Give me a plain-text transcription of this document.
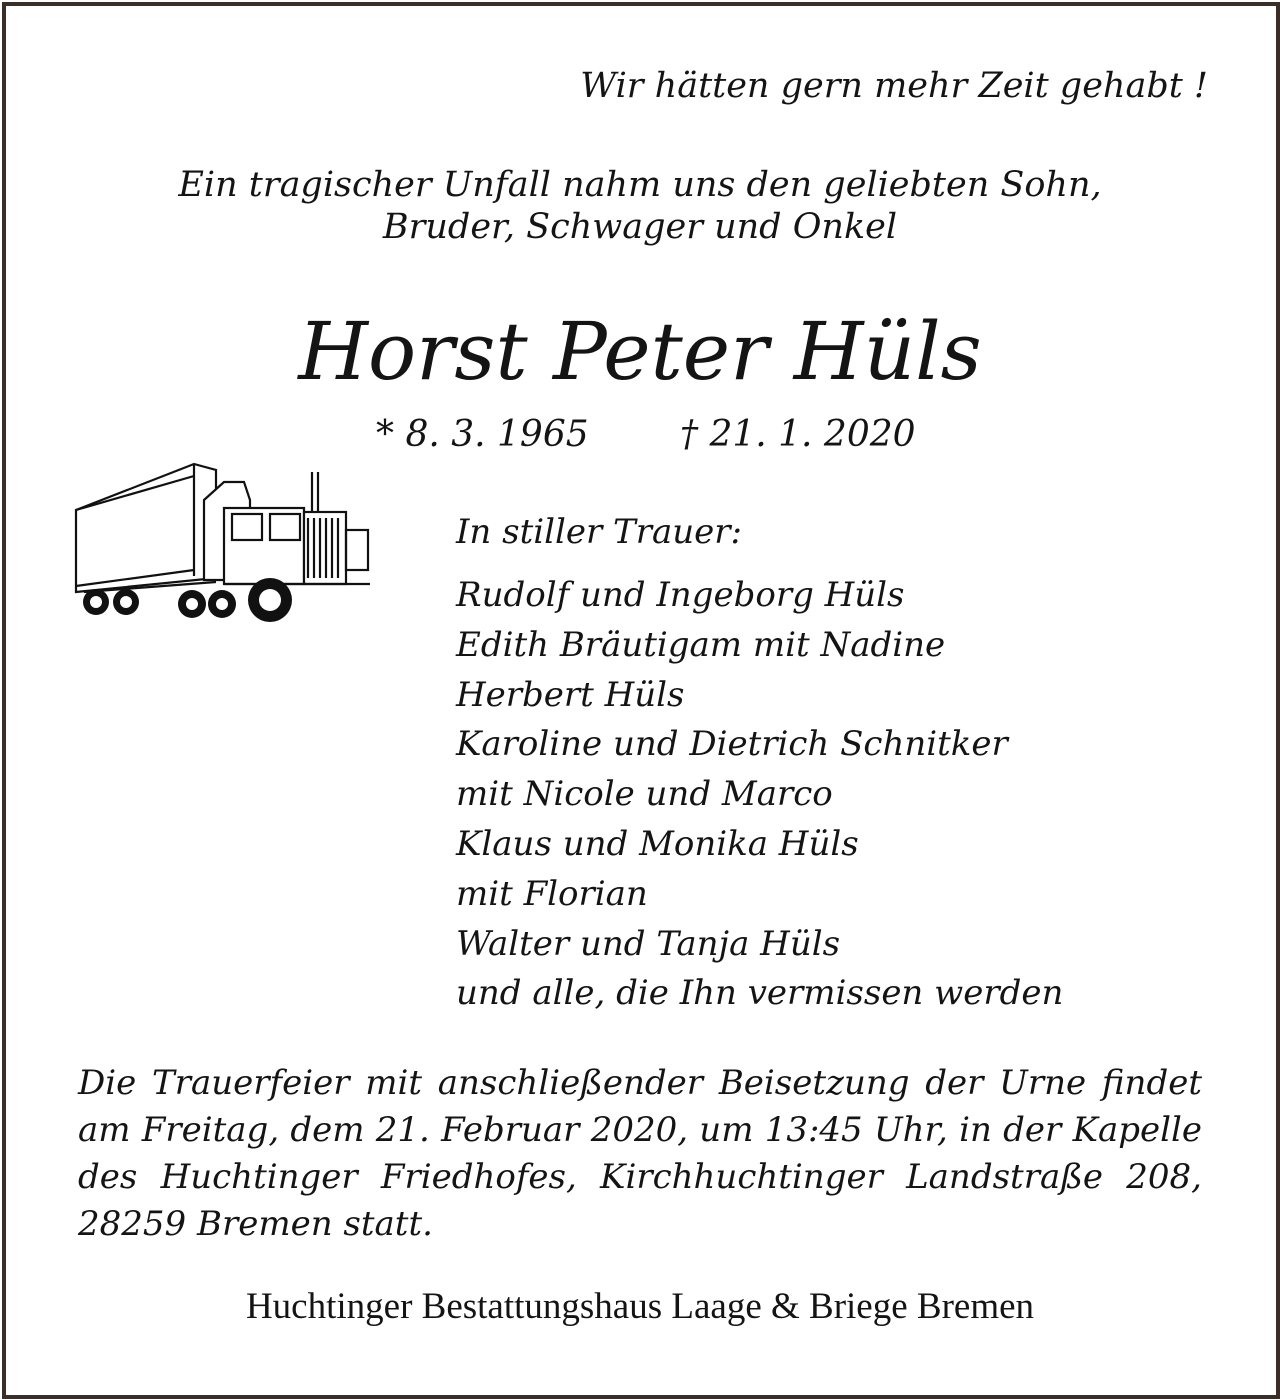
Wir hätten gern mehr Zeit gehabt !
Ein tragischer Unfall nahm uns den geliebten Sohn,
Bruder, Schwager und Onkel
Horst Peter Hüls
* 8. 3. 1965	† 21. 1. 2020
In stiller Trauer:
Rudolf und Ingeborg Hüls
Edith Bräutigam mit Nadine
Herbert Hüls
Karoline und Dietrich Schnitker
mit Nicole und Marco
Klaus und Monika Hüls
mit Florian
Walter und Tanja Hüls
und alle, die Ihn vermissen werden
Die Trauerfeier mit anschließender Beisetzung der Urne findet am Freitag, dem 21. Februar 2020, um 13:45 Uhr, in der Kapelle des Huchtinger Friedhofes, Kirchhuchtinger Landstraße 208, 28259 Bremen statt.
Huchtinger Bestattungshaus Laage & Briege Bremen
